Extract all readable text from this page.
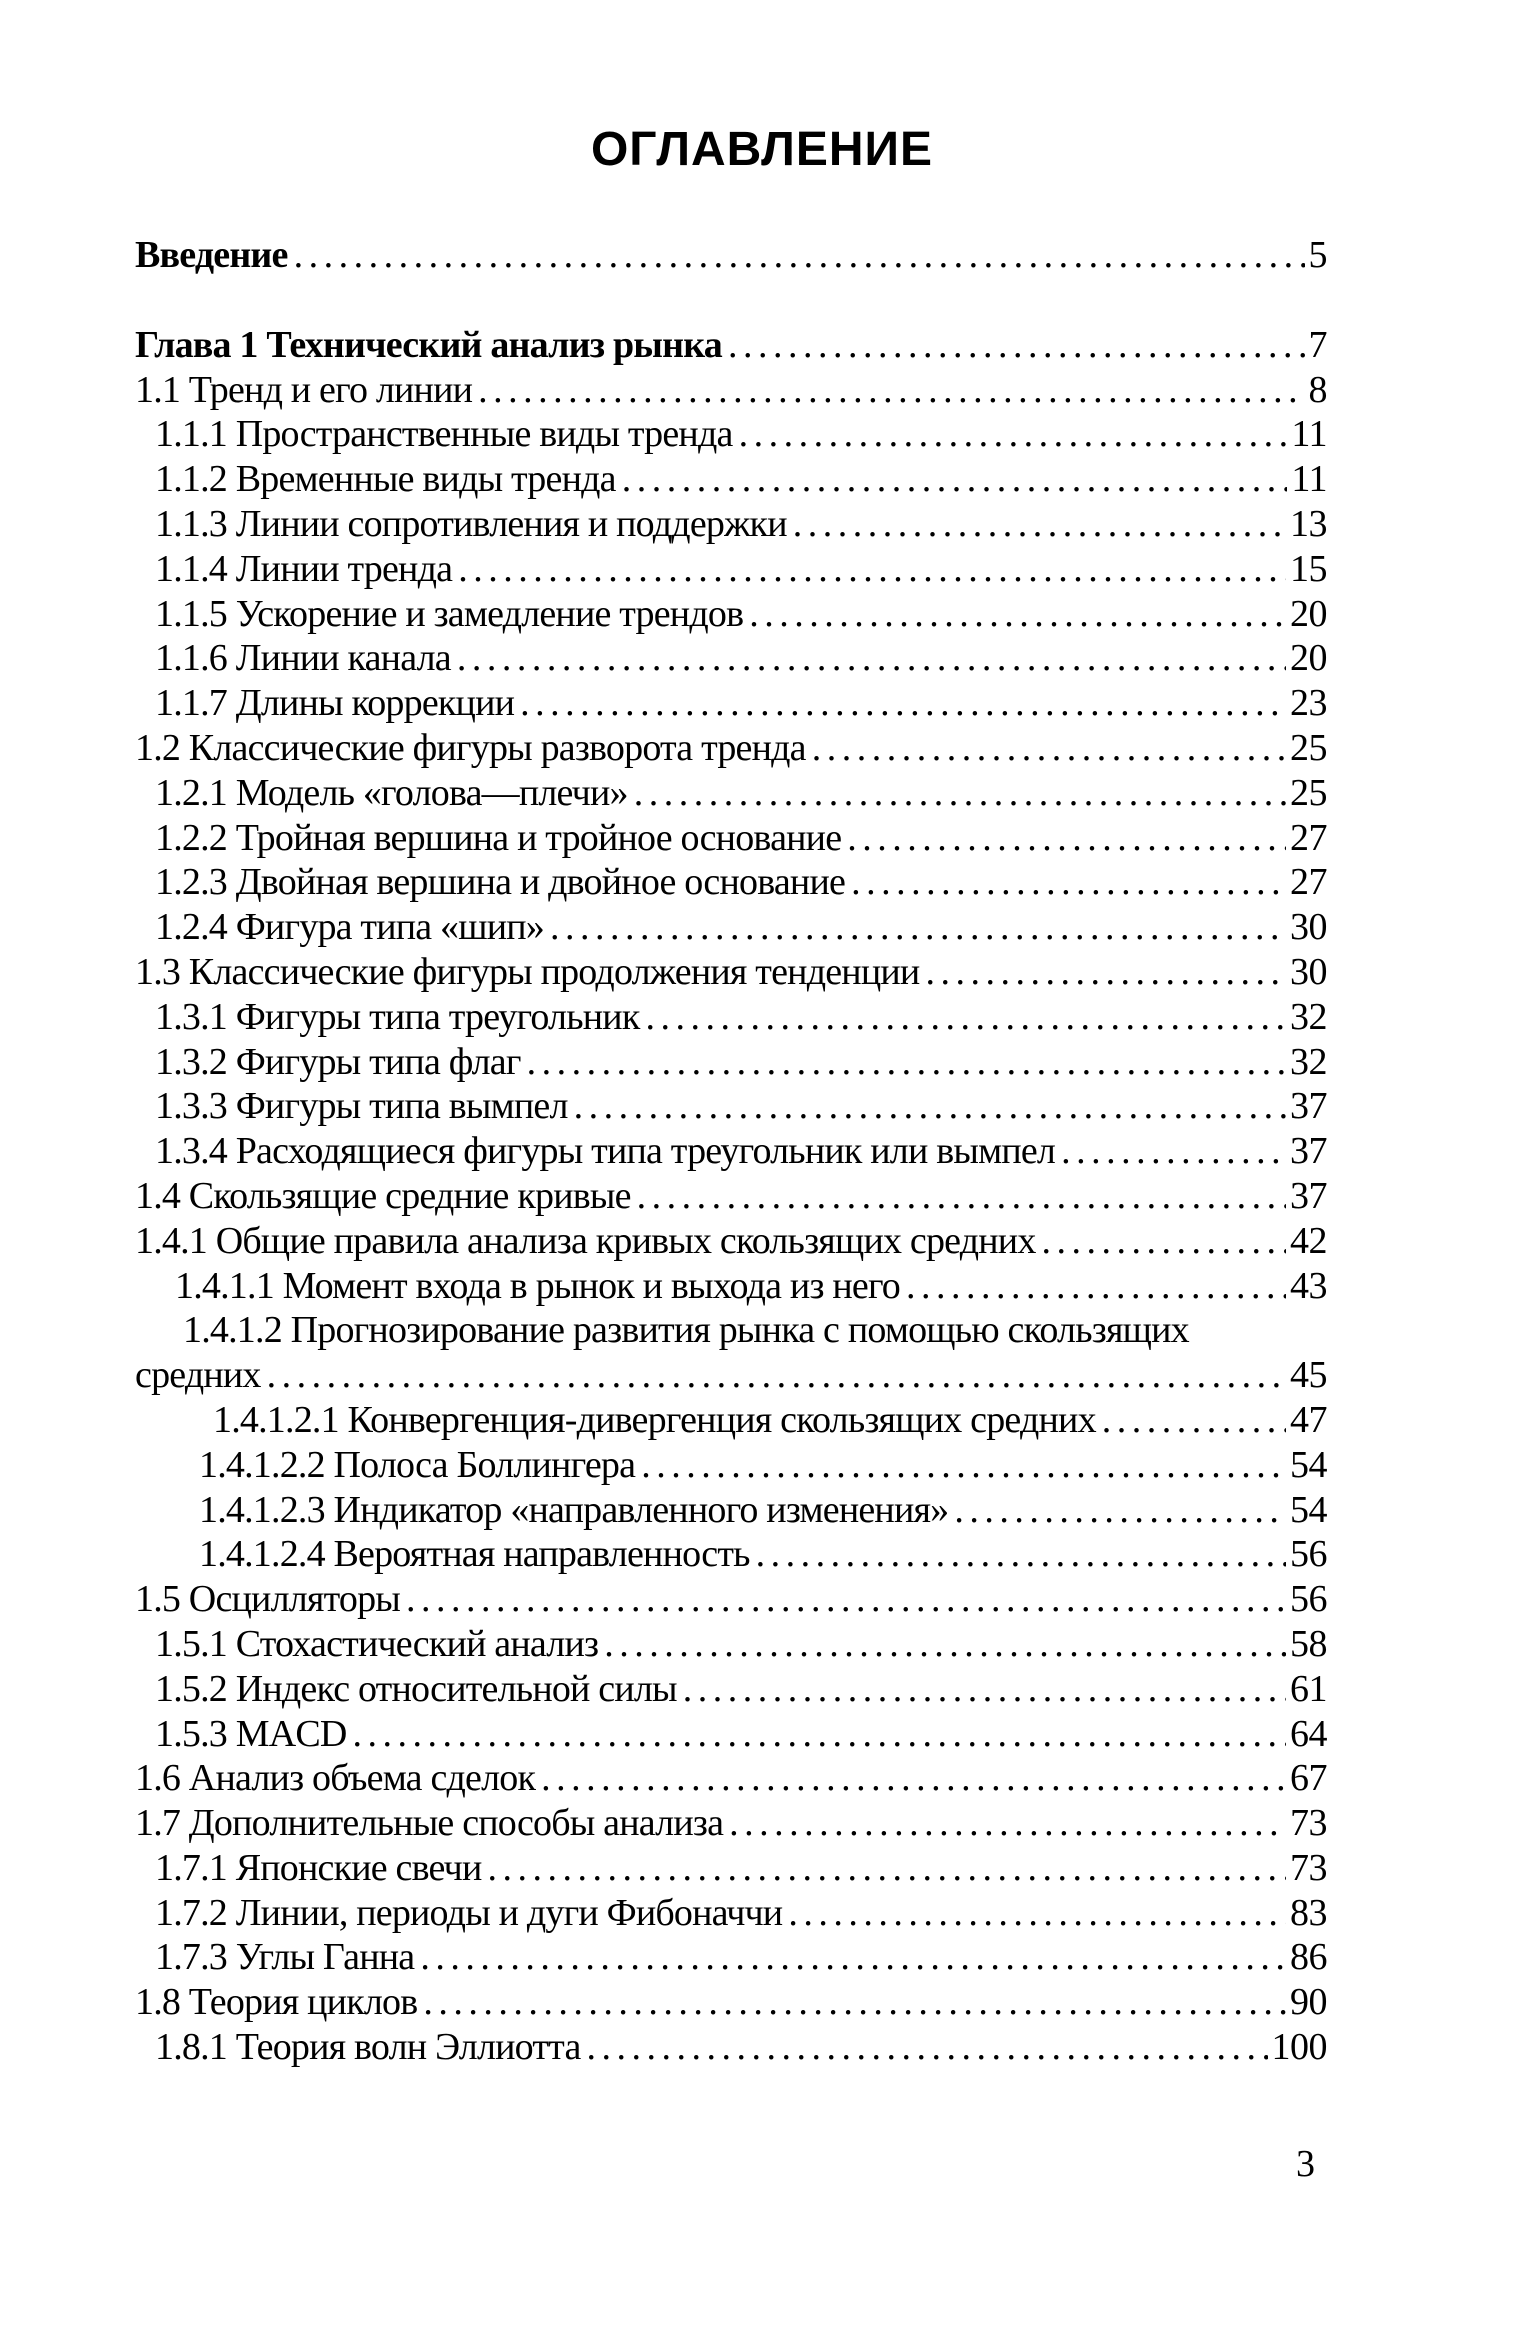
ОГЛАВЛЕНИЕ
Введение . . .	5
Глава 1 Технический анализ рынка . . .	7
1.1 Тренд и его линии . . .	8
1.1.1 Пространственные виды тренда . . .	11
1.1.2 Временные виды тренда . . .	11
1.1.3 Линии сопротивления и поддержки . . .	13
1.1.4 Линии тренда . . .	15
1.1.5 Ускорение и замедление трендов . . .	20
1.1.6 Линии канала . . .	20
1.1.7 Длины коррекции . . .	23
1.2 Классические фигуры разворота тренда . . .	25
1.2.1 Модель «голова—плечи» . . .	25
1.2.2 Тройная вершина и тройное основание . . .	27
1.2.3 Двойная вершина и двойное основание . . .	27
1.2.4 Фигура типа «шип» . . .	30
1.3 Классические фигуры продолжения тенденции . . .	30
1.3.1 Фигуры типа треугольник . . .	32
1.3.2 Фигуры типа флаг . . .	32
1.3.3 Фигуры типа вымпел . . .	37
1.3.4 Расходящиеся фигуры типа треугольник или вымпел . . .	37
1.4 Скользящие средние кривые . . .	37
1.4.1 Общие правила анализа кривых скользящих средних . . .	42
1.4.1.1 Момент входа в рынок и выхода из него . . .	43
1.4.1.2 Прогнозирование развития рынка с помощью скользящих
средних . . .	45
1.4.1.2.1 Конвергенция-дивергенция скользящих средних . . .	47
1.4.1.2.2 Полоса Боллингера . . .	54
1.4.1.2.3 Индикатор «направленного изменения» . . .	54
1.4.1.2.4 Вероятная направленность . . .	56
1.5 Осцилляторы . . .	56
1.5.1 Стохастический анализ . . .	58
1.5.2 Индекс относительной силы . . .	61
1.5.3 MACD . . .	64
1.6 Анализ объема сделок . . .	67
1.7 Дополнительные способы анализа . . .	73
1.7.1 Японские свечи . . .	73
1.7.2 Линии, периоды и дуги Фибоначчи . . .	83
1.7.3 Углы Ганна . . .	86
1.8 Теория циклов . . .	90
1.8.1 Теория волн Эллиотта . . .	100
3
